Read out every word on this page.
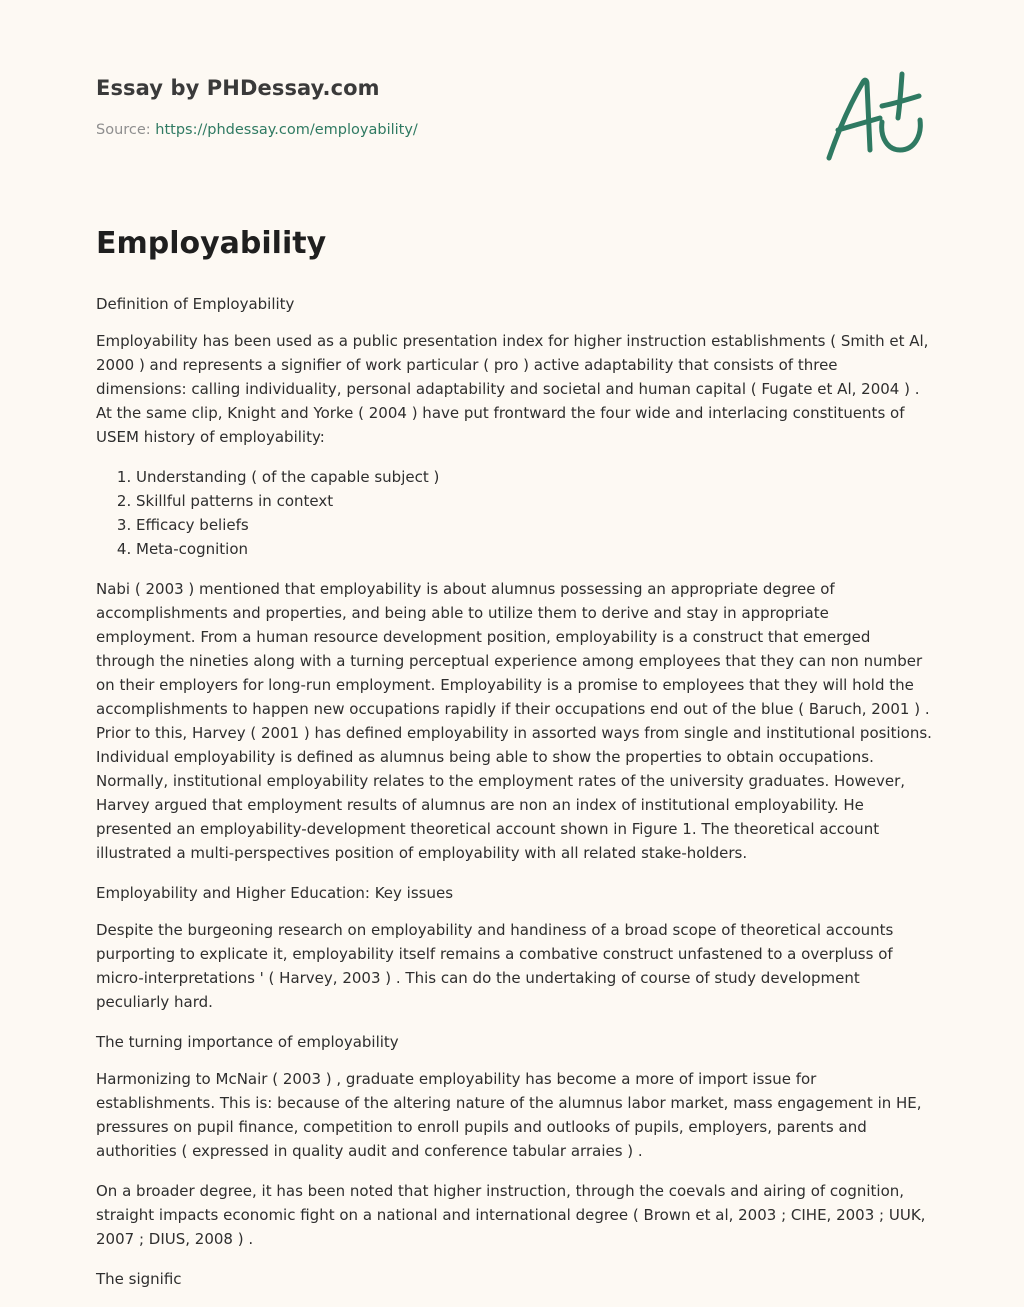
Essay by PHDessay.com
Source: https://phdessay.com/employability/
Employability

Definition of Employability

Employability has been used as a public presentation index for higher instruction establishments ( Smith et Al, 2000 ) and represents a signifier of work particular ( pro ) active adaptability that consists of three dimensions: calling individuality, personal adaptability and societal and human capital ( Fugate et Al, 2004 ) . At the same clip, Knight and Yorke ( 2004 ) have put frontward the four wide and interlacing constituents of USEM history of employability:

1. Understanding ( of the capable subject )
2. Skillful patterns in context
3. Efficacy beliefs
4. Meta-cognition

Nabi ( 2003 ) mentioned that employability is about alumnus possessing an appropriate degree of accomplishments and properties, and being able to utilize them to derive and stay in appropriate employment. From a human resource development position, employability is a construct that emerged through the nineties along with a turning perceptual experience among employees that they can non number on their employers for long-run employment. Employability is a promise to employees that they will hold the accomplishments to happen new occupations rapidly if their occupations end out of the blue ( Baruch, 2001 ) . Prior to this, Harvey ( 2001 ) has defined employability in assorted ways from single and institutional positions. Individual employability is defined as alumnus being able to show the properties to obtain occupations. Normally, institutional employability relates to the employment rates of the university graduates. However, Harvey argued that employment results of alumnus are non an index of institutional employability. He presented an employability-development theoretical account shown in Figure 1. The theoretical account illustrated a multi-perspectives position of employability with all related stake-holders.

Employability and Higher Education: Key issues

Despite the burgeoning research on employability and handiness of a broad scope of theoretical accounts purporting to explicate it, employability itself remains a combative construct unfastened to a overpluss of micro-interpretations ' ( Harvey, 2003 ) . This can do the undertaking of course of study development peculiarly hard.

The turning importance of employability

Harmonizing to McNair ( 2003 ) , graduate employability has become a more of import issue for establishments. This is: because of the altering nature of the alumnus labor market, mass engagement in HE, pressures on pupil finance, competition to enroll pupils and outlooks of pupils, employers, parents and authorities ( expressed in quality audit and conference tabular arraies ) .

On a broader degree, it has been noted that higher instruction, through the coevals and airing of cognition, straight impacts economic fight on a national and international degree ( Brown et al, 2003 ; CIHE, 2003 ; UUK, 2007 ; DIUS, 2008 ) .

The signific
